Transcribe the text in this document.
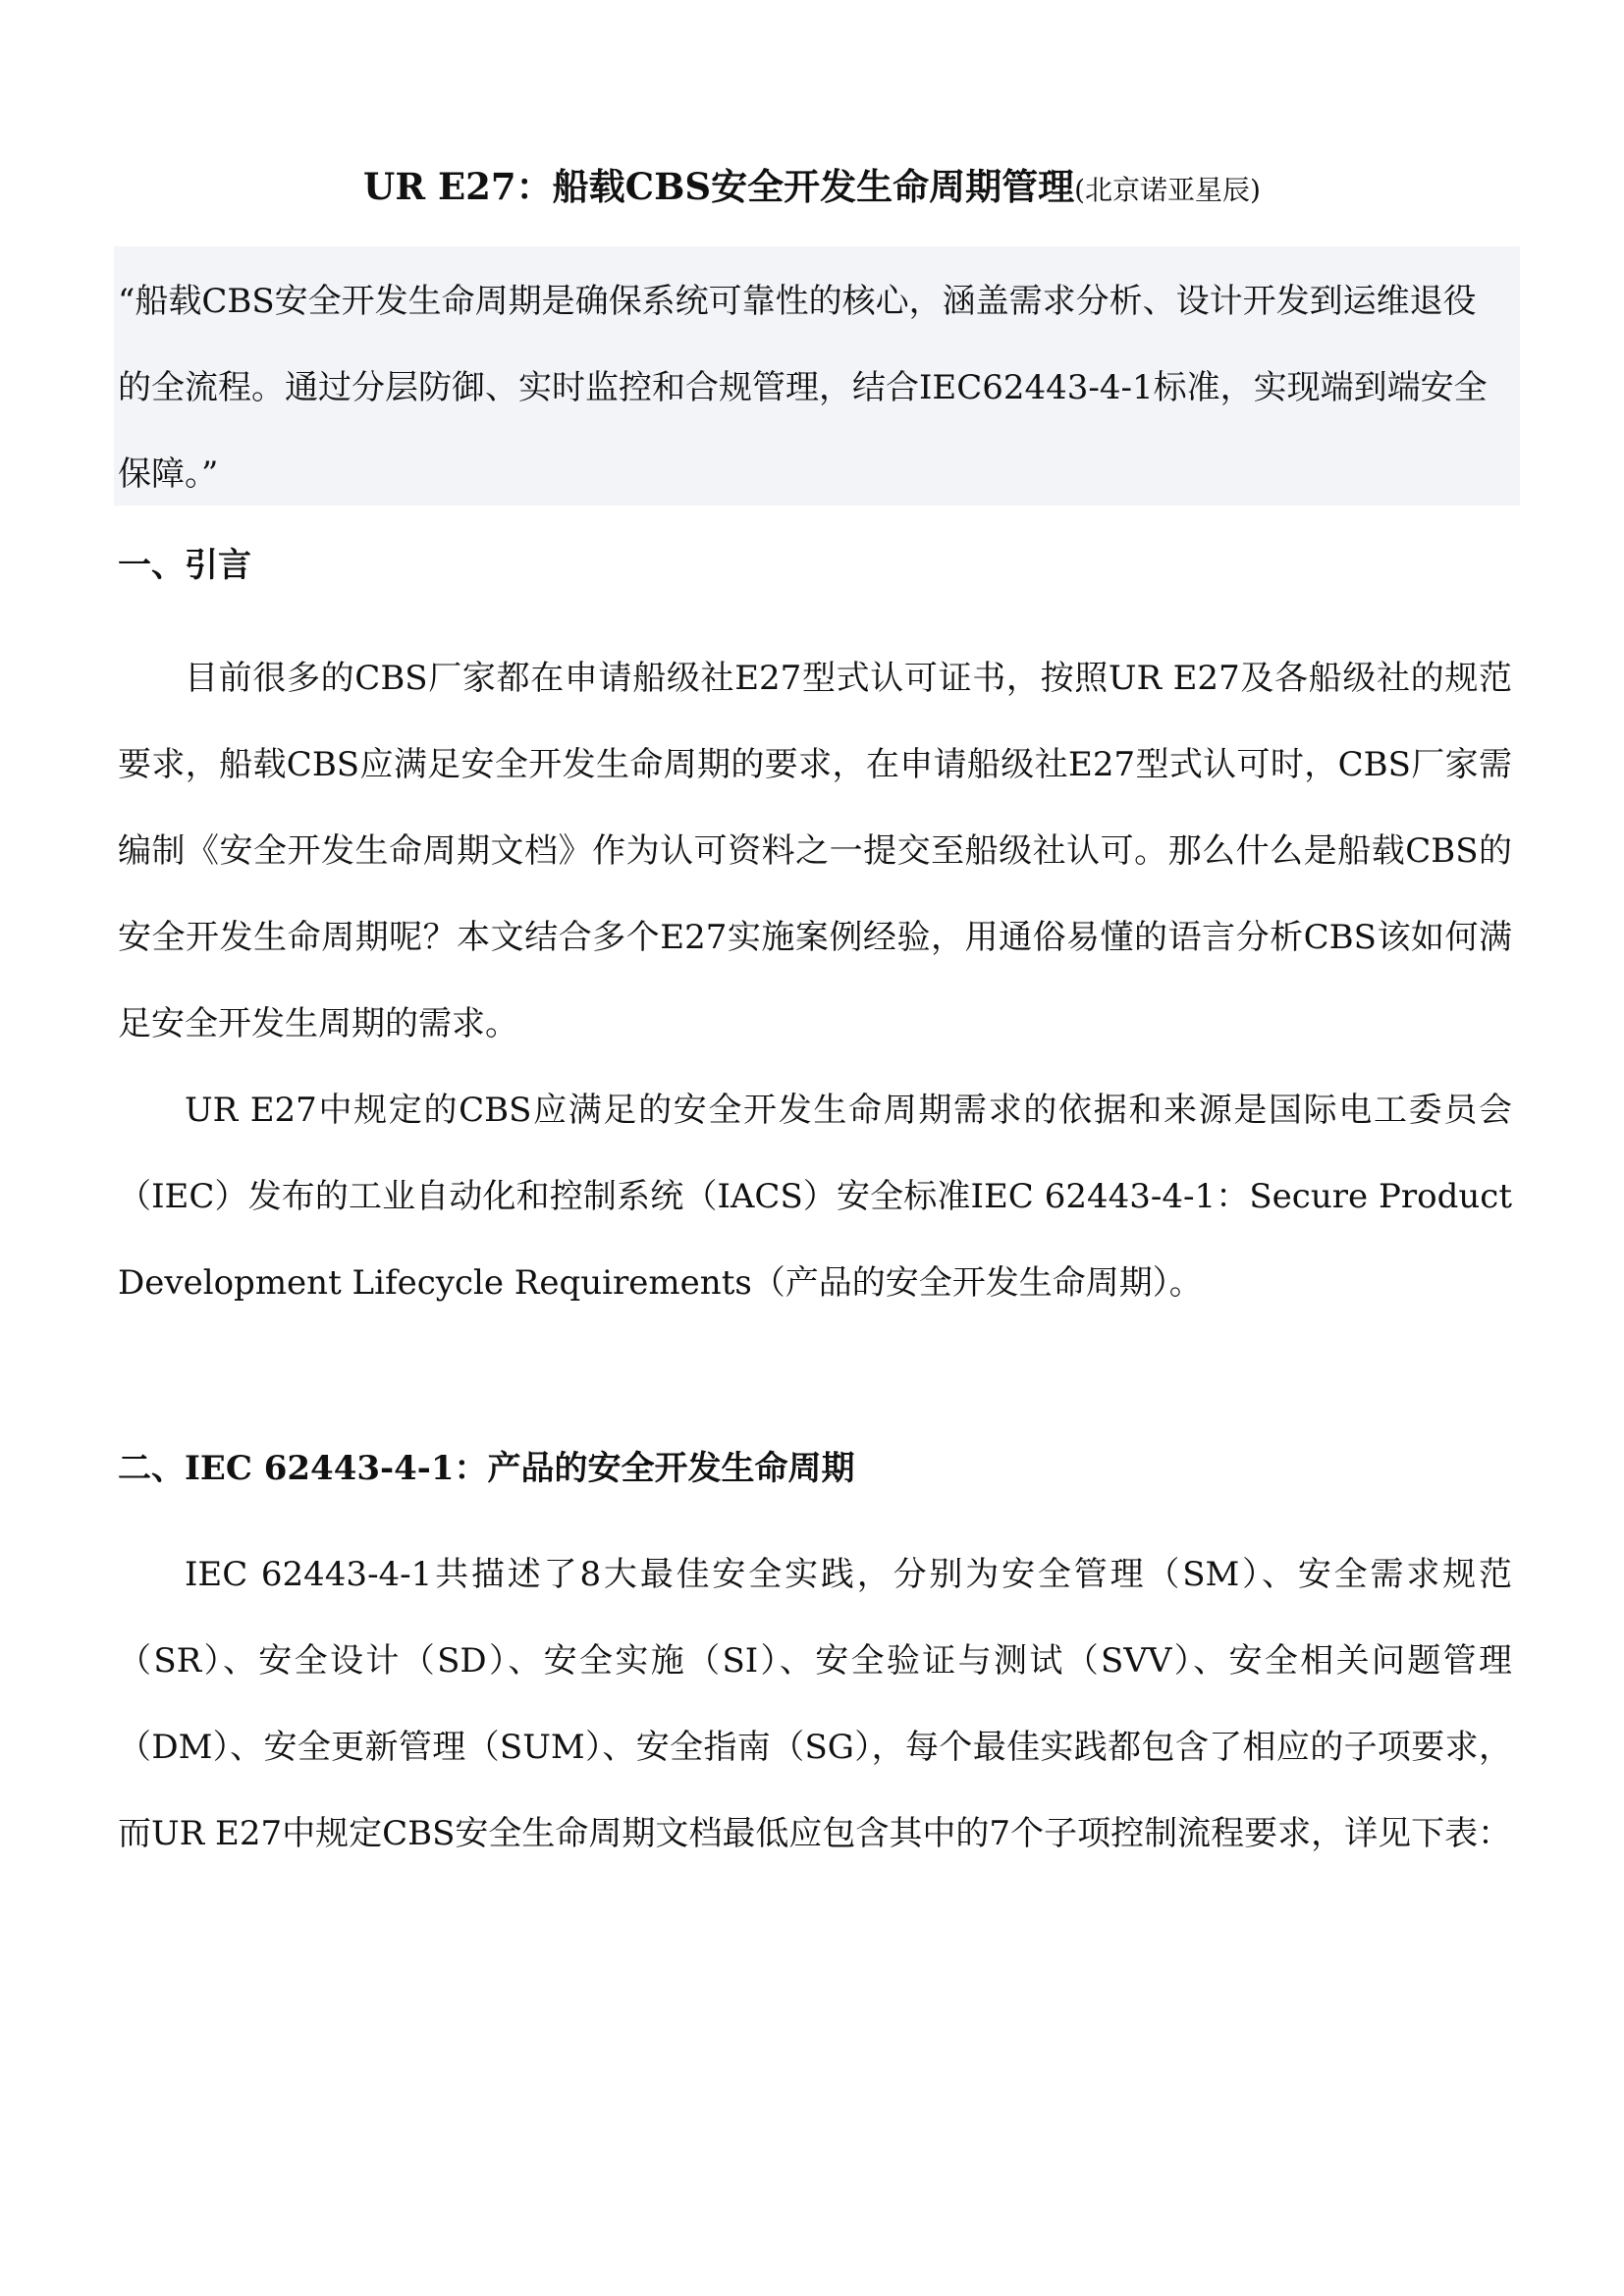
UR E27：船载CBS安全开发生命周期管理(北京诺亚星辰)
“船载CBS安全开发生命周期是确保系统可靠性的核心，涵盖需求分析、设计开发到运维退役的全流程。通过分层防御、实时监控和合规管理，结合IEC62443-4-1标准，实现端到端安全保障。”
一、引言
目前很多的CBS厂家都在申请船级社E27型式认可证书，按照UR E27及各船级社的规范要求，船载CBS应满足安全开发生命周期的要求，在申请船级社E27型式认可时，CBS厂家需编制《安全开发生命周期文档》作为认可资料之一提交至船级社认可。那么什么是船载CBS的安全开发生命周期呢？本文结合多个E27实施案例经验，用通俗易懂的语言分析CBS该如何满足安全开发生周期的需求。
UR E27中规定的CBS应满足的安全开发生命周期需求的依据和来源是国际电工委员会（IEC）发布的工业自动化和控制系统（IACS）安全标准IEC 62443-4-1：Secure Product Development Lifecycle Requirements（产品的安全开发生命周期）。
二、IEC 62443-4-1：产品的安全开发生命周期
IEC 62443-4-1共描述了8大最佳安全实践，分别为安全管理（SM）、安全需求规范（SR）、安全设计（SD）、安全实施（SI）、安全验证与测试（SVV）、安全相关问题管理（DM）、安全更新管理（SUM）、安全指南（SG），每个最佳实践都包含了相应的子项要求，而UR E27中规定CBS安全生命周期文档最低应包含其中的7个子项控制流程要求，详见下表：
